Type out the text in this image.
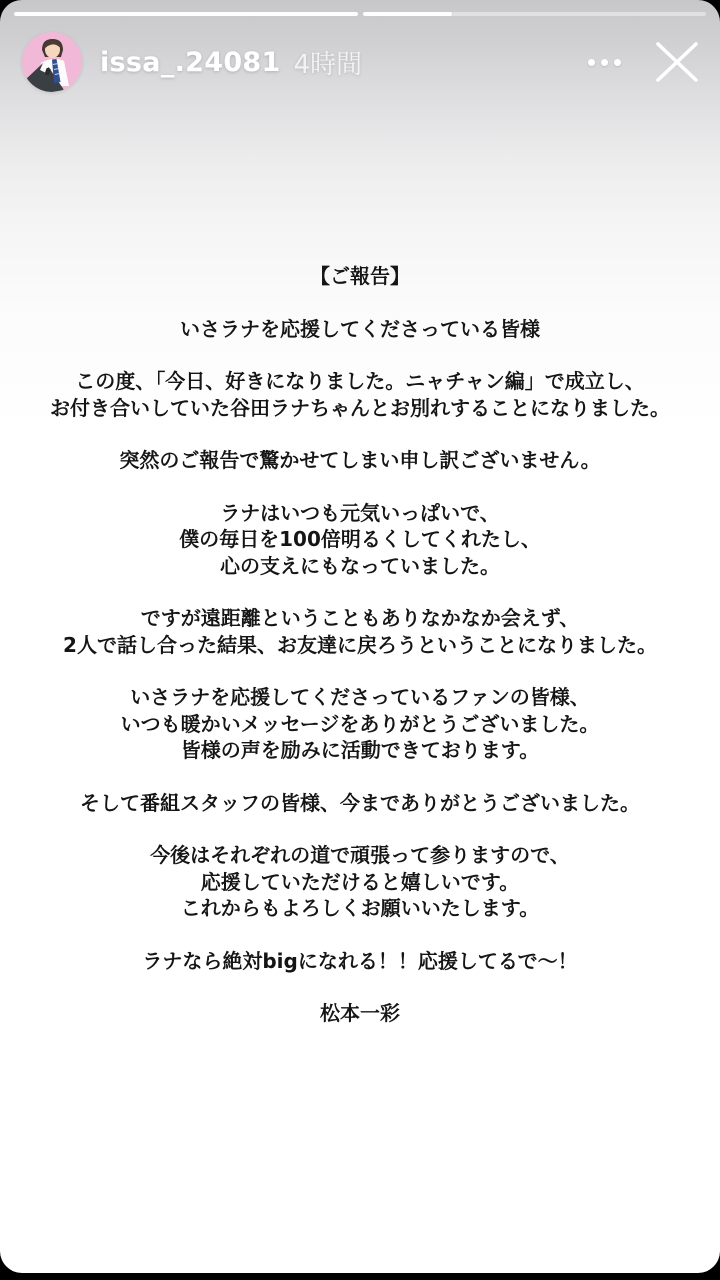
issa_.24081 4時間

【ご報告】

いさラナを応援してくださっている皆様

この度、「今日、好きになりました。ニャチャン編」で成立し、
お付き合いしていた谷田ラナちゃんとお別れすることになりました。

突然のご報告で驚かせてしまい申し訳ございません。

ラナはいつも元気いっぱいで、
僕の毎日を100倍明るくしてくれたし、
心の支えにもなっていました。

ですが遠距離ということもありなかなか会えず、
2人で話し合った結果、お友達に戻ろうということになりました。

いさラナを応援してくださっているファンの皆様、
いつも暖かいメッセージをありがとうございました。
皆様の声を励みに活動できております。

そして番組スタッフの皆様、今までありがとうございました。

今後はそれぞれの道で頑張って参りますので、
応援していただけると嬉しいです。
これからもよろしくお願いいたします。

ラナなら絶対bigになれる！！応援してるで〜！

松本一彩
